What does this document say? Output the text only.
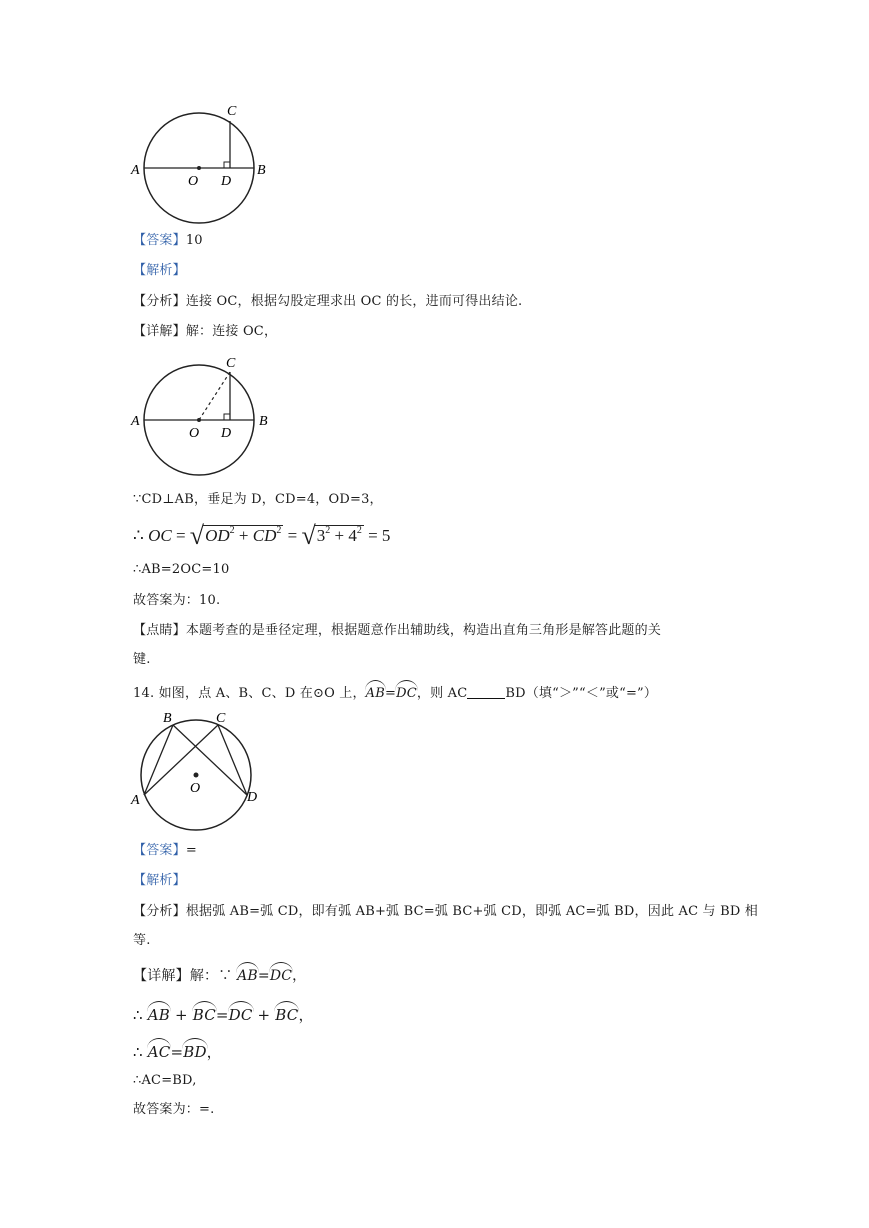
A
O D
B
C
【答案】10
【解析】
【分析】连接 OC，根据勾股定理求出 OC 的长，进而可得出结论.
【详解】解：连接 OC，
A
O D
B
C
∵CD⊥AB，垂足为 D，CD=4，OD=3，
∴ OC = $√OD^2 + CD^2 = √3^2 + 4^2 = 5$
∴AB=2OC=10
故答案为：10.
【点睛】本题考查的是垂径定理，根据题意作出辅助线，构造出直角三角形是解答此题的关
键.
14. 如图，点 A、B、C、D 在⊙O 上，AB=DC，则 AC	BD（填“＞”“＜”或“=”）
B	C
O
A	D
【答案】=
【解析】
【分析】根据弧 AB=弧 CD，即有弧 AB+弧 BC=弧 BC+弧 CD，即弧 AC=弧 BD，因此 AC 与 BD 相
等.
【详解】解：∵ AB=DC，
∴ AB + BC=DC + BC，
∴ AC=BD，
∴AC=BD,
故答案为：=.
